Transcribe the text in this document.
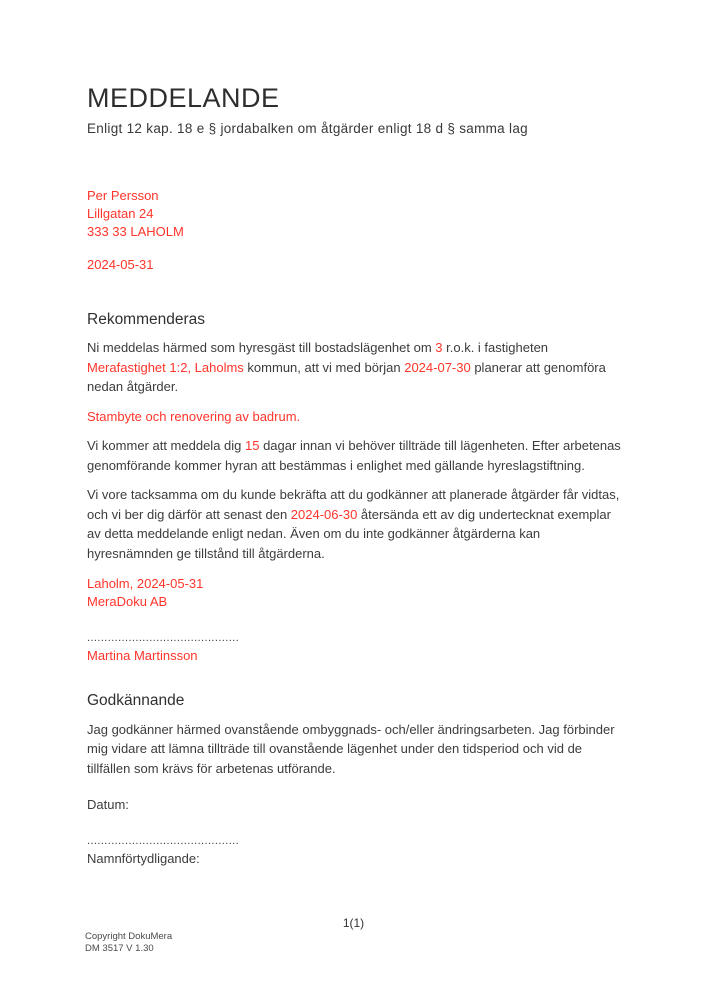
MEDDELANDE

Enligt 12 kap. 18 e § jordabalken om åtgärder enligt 18 d § samma lag

Per Persson
Lillgatan 24
333 33 LAHOLM
2024-05-31
Rekommenderas

Ni meddelas härmed som hyresgäst till bostadslägenhet om 3 r.o.k. i fastigheten Merafastighet 1:2, Laholms kommun, att vi med början 2024-07-30 planerar att genomföra nedan åtgärder.

Stambyte och renovering av badrum.

Vi kommer att meddela dig 15 dagar innan vi behöver tillträde till lägenheten. Efter arbetenas genomförande kommer hyran att bestämmas i enlighet med gällande hyreslagstiftning.

Vi vore tacksamma om du kunde bekräfta att du godkänner att planerade åtgärder får vidtas, och vi ber dig därför att senast den 2024-06-30 återsända ett av dig undertecknat exemplar av detta meddelande enligt nedan. Även om du inte godkänner åtgärderna kan hyresnämnden ge tillstånd till åtgärderna.

Laholm, 2024-05-31
MeraDoku AB
............................................
Martina Martinsson
Godkännande

Jag godkänner härmed ovanstående ombyggnads- och/eller ändringsarbeten. Jag förbinder mig vidare att lämna tillträde till ovanstående lägenhet under den tidsperiod och vid de tillfällen som krävs för arbetenas utförande.

Datum:
............................................
Namnförtydligande:
1(1)
Copyright DokuMera
DM 3517 V 1.30
